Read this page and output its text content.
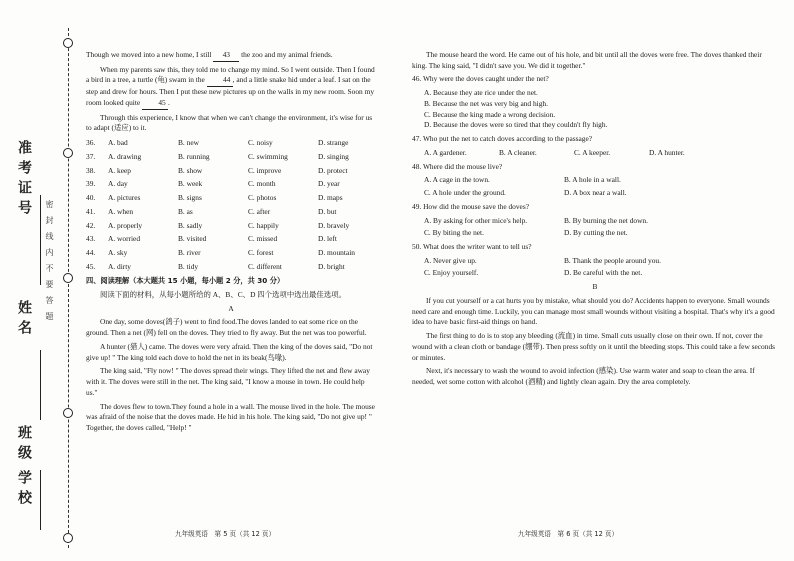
密　封　线　内　不　要　答　题
准考证号
姓名
班级
学校

Though we moved into a new home, I still 43 the zoo and my animal friends.

When my parents saw this, they told me to change my mind. So I went outside. Then I found a bird in a tree, a turtle (龟) swam in the 44 , and a little snake hid under a leaf. I sat on the step and drew for hours. Then I put these new pictures up on the walls in my new room. Soon my room looked quite 45 .

Through this experience, I know that when we can't change the environment, it's wise for us to adapt (适应) to it.

36.	A. bad	B. new	C. noisy	D. strange
37.	A. drawing	B. running	C. swimming	D. singing
38.	A. keep	B. show	C. improve	D. protect
39.	A. day	B. week	C. month	D. year
40.	A. pictures	B. signs	C. photos	D. maps
41.	A. when	B. as	C. after	D. but
42.	A. properly	B. sadly	C. happily	D. bravely
43.	A. worried	B. visited	C. missed	D. left
44.	A. sky	B. river	C. forest	D. mountain
45.	A. dirty	B. tidy	C. different	D. bright

四、阅读理解（本大题共 15 小题，每小题 2 分，共 30 分）

阅读下面的材料，从每小题所给的 A、B、C、D 四个选项中选出最佳选项。

A

One day, some doves(鸽子) went to find food.The doves landed to eat some rice on the ground. Then a net (网) fell on the doves. They tried to fly away. But the net was too powerful.

A hunter (猎人) came. The doves were very afraid. Then the king of the doves said, "Do not give up! " The king told each dove to hold the net in its beak(鸟喙).

The king said, "Fly now! " The doves spread their wings. They lifted the net and flew away with it. The doves were still in the net. The king said, "I know a mouse in town. He could help us."

The doves flew to town.They found a hole in a wall. The mouse lived in the hole. The mouse was afraid of the noise that the doves made. He hid in his hole. The king said, "Do not give up! " Together, the doves called, "Help! "

九年级英语　第 5 页（共 12 页）

The mouse heard the word. He came out of his hole, and bit until all the doves were free. The doves thanked their king. The king said, "I didn't save you. We did it together."

46. Why were the doves caught under the net?

A. Because they ate rice under the net.
B. Because the net was very big and high.
C. Because the king made a wrong decision.
D. Because the doves were so tired that they couldn't fly high.

47. Who put the net to catch doves according to the passage?

A. A gardener.	B. A cleaner.	C. A keeper.	D. A hunter.

48. Where did the mouse live?

A. A cage in the town.	B. A hole in a wall.
C. A hole under the ground.	D. A box near a wall.

49. How did the mouse save the doves?

A. By asking for other mice's help.	B. By burning the net down.
C. By biting the net.	D. By cutting the net.

50. What does the writer want to tell us?

A. Never give up.	B. Thank the people around you.
C. Enjoy yourself.	D. Be careful with the net.

B

If you cut yourself or a cat hurts you by mistake, what should you do? Accidents happen to everyone. Small wounds need care and enough time. Luckily, you can manage most small wounds without visiting a hospital. That's why it's a good idea to have basic first-aid things on hand.

The first thing to do is to stop any bleeding (流血) in time. Small cuts usually close on their own. If not, cover the wound with a clean cloth or bandage (绷带). Then press softly on it until the bleeding stops. This could take a few seconds or minutes.

Next, it's necessary to wash the wound to avoid infection (感染). Use warm water and soap to clean the area. If needed, wet some cotton with alcohol (酒精) and lightly clean again. Dry the area completely.

九年级英语　第 6 页（共 12 页）
